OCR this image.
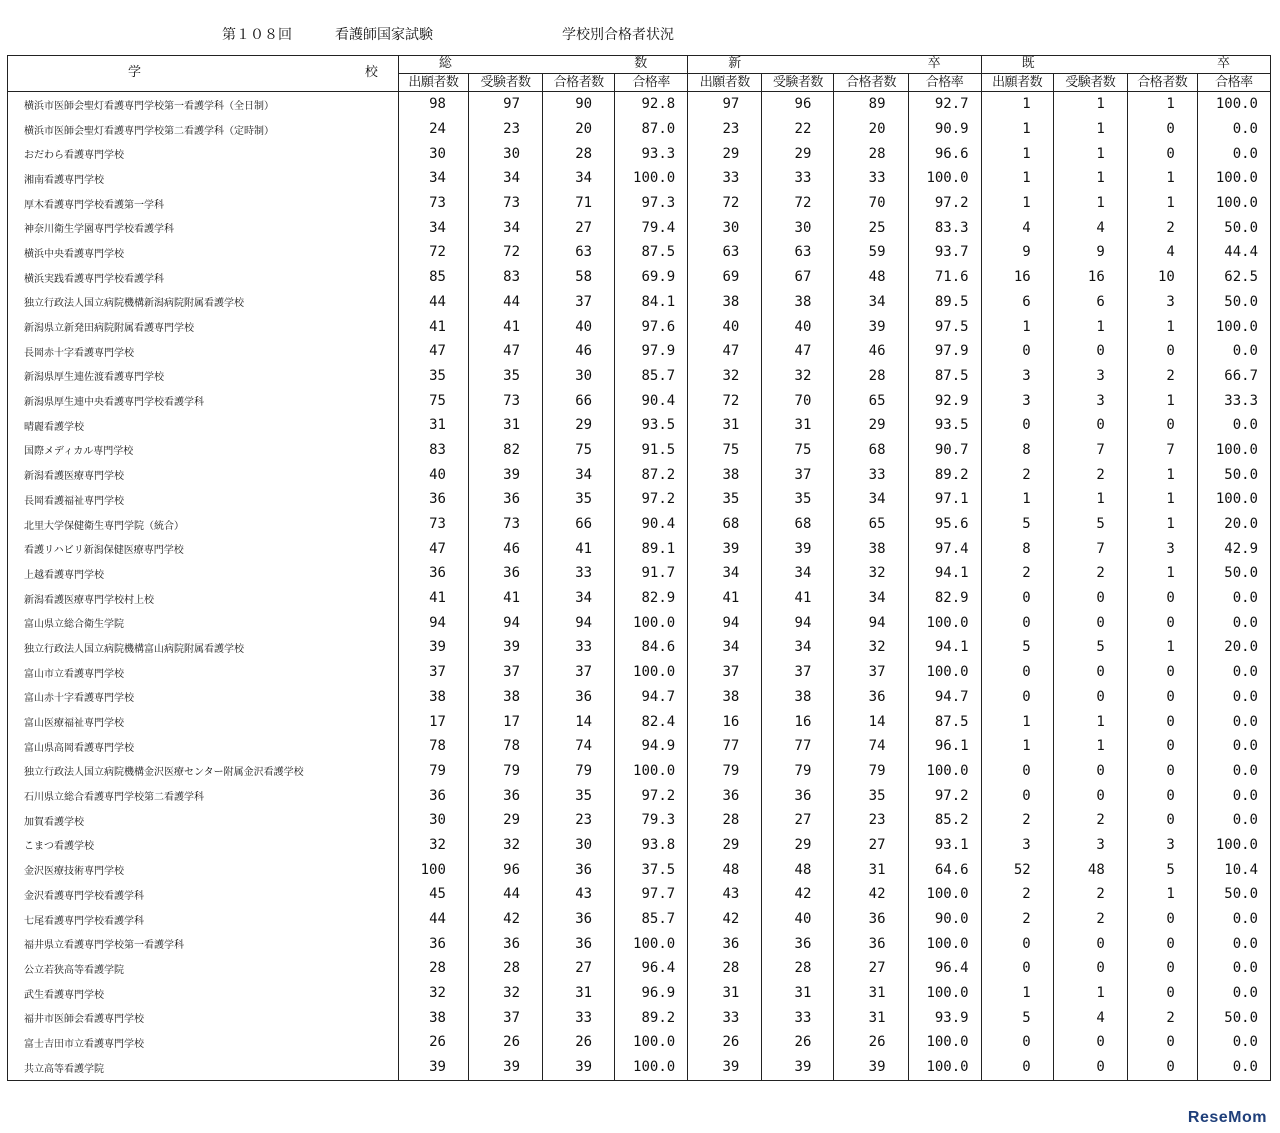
第１０８回	看護師国家試験	学校別合格者状況
学 校	総 数				新 卒				既 卒			

	出願者数	受験者数	合格者数	合格率	出願者数	受験者数	合格者数	合格率	出願者数	受験者数	合格者数	合格率
横浜市医師会聖灯看護専門学校第一看護学科（全日制）	98	97	90	92.8	97	96	89	92.7	1	1	1	100.0
横浜市医師会聖灯看護専門学校第二看護学科（定時制）	24	23	20	87.0	23	22	20	90.9	1	1	0	0.0
おだわら看護専門学校	30	30	28	93.3	29	29	28	96.6	1	1	0	0.0
湘南看護専門学校	34	34	34	100.0	33	33	33	100.0	1	1	1	100.0
厚木看護専門学校看護第一学科	73	73	71	97.3	72	72	70	97.2	1	1	1	100.0
神奈川衛生学園専門学校看護学科	34	34	27	79.4	30	30	25	83.3	4	4	2	50.0
横浜中央看護専門学校	72	72	63	87.5	63	63	59	93.7	9	9	4	44.4
横浜実践看護専門学校看護学科	85	83	58	69.9	69	67	48	71.6	16	16	10	62.5
独立行政法人国立病院機構新潟病院附属看護学校	44	44	37	84.1	38	38	34	89.5	6	6	3	50.0
新潟県立新発田病院附属看護専門学校	41	41	40	97.6	40	40	39	97.5	1	1	1	100.0
長岡赤十字看護専門学校	47	47	46	97.9	47	47	46	97.9	0	0	0	0.0
新潟県厚生連佐渡看護専門学校	35	35	30	85.7	32	32	28	87.5	3	3	2	66.7
新潟県厚生連中央看護専門学校看護学科	75	73	66	90.4	72	70	65	92.9	3	3	1	33.3
晴麗看護学校	31	31	29	93.5	31	31	29	93.5	0	0	0	0.0
国際メディカル専門学校	83	82	75	91.5	75	75	68	90.7	8	7	7	100.0
新潟看護医療専門学校	40	39	34	87.2	38	37	33	89.2	2	2	1	50.0
長岡看護福祉専門学校	36	36	35	97.2	35	35	34	97.1	1	1	1	100.0
北里大学保健衛生専門学院（統合）	73	73	66	90.4	68	68	65	95.6	5	5	1	20.0
看護リハビリ新潟保健医療専門学校	47	46	41	89.1	39	39	38	97.4	8	7	3	42.9
上越看護専門学校	36	36	33	91.7	34	34	32	94.1	2	2	1	50.0
新潟看護医療専門学校村上校	41	41	34	82.9	41	41	34	82.9	0	0	0	0.0
富山県立総合衛生学院	94	94	94	100.0	94	94	94	100.0	0	0	0	0.0
独立行政法人国立病院機構富山病院附属看護学校	39	39	33	84.6	34	34	32	94.1	5	5	1	20.0
富山市立看護専門学校	37	37	37	100.0	37	37	37	100.0	0	0	0	0.0
富山赤十字看護専門学校	38	38	36	94.7	38	38	36	94.7	0	0	0	0.0
富山医療福祉専門学校	17	17	14	82.4	16	16	14	87.5	1	1	0	0.0
富山県高岡看護専門学校	78	78	74	94.9	77	77	74	96.1	1	1	0	0.0
独立行政法人国立病院機構金沢医療センター附属金沢看護学校	79	79	79	100.0	79	79	79	100.0	0	0	0	0.0
石川県立総合看護専門学校第二看護学科	36	36	35	97.2	36	36	35	97.2	0	0	0	0.0
加賀看護学校	30	29	23	79.3	28	27	23	85.2	2	2	0	0.0
こまつ看護学校	32	32	30	93.8	29	29	27	93.1	3	3	3	100.0
金沢医療技術専門学校	100	96	36	37.5	48	48	31	64.6	52	48	5	10.4
金沢看護専門学校看護学科	45	44	43	97.7	43	42	42	100.0	2	2	1	50.0
七尾看護専門学校看護学科	44	42	36	85.7	42	40	36	90.0	2	2	0	0.0
福井県立看護専門学校第一看護学科	36	36	36	100.0	36	36	36	100.0	0	0	0	0.0
公立若狭高等看護学院	28	28	27	96.4	28	28	27	96.4	0	0	0	0.0
武生看護専門学校	32	32	31	96.9	31	31	31	100.0	1	1	0	0.0
福井市医師会看護専門学校	38	37	33	89.2	33	33	31	93.9	5	4	2	50.0
富士吉田市立看護専門学校	26	26	26	100.0	26	26	26	100.0	0	0	0	0.0
共立高等看護学院	39	39	39	100.0	39	39	39	100.0	0	0	0	0.0
ReseMom
